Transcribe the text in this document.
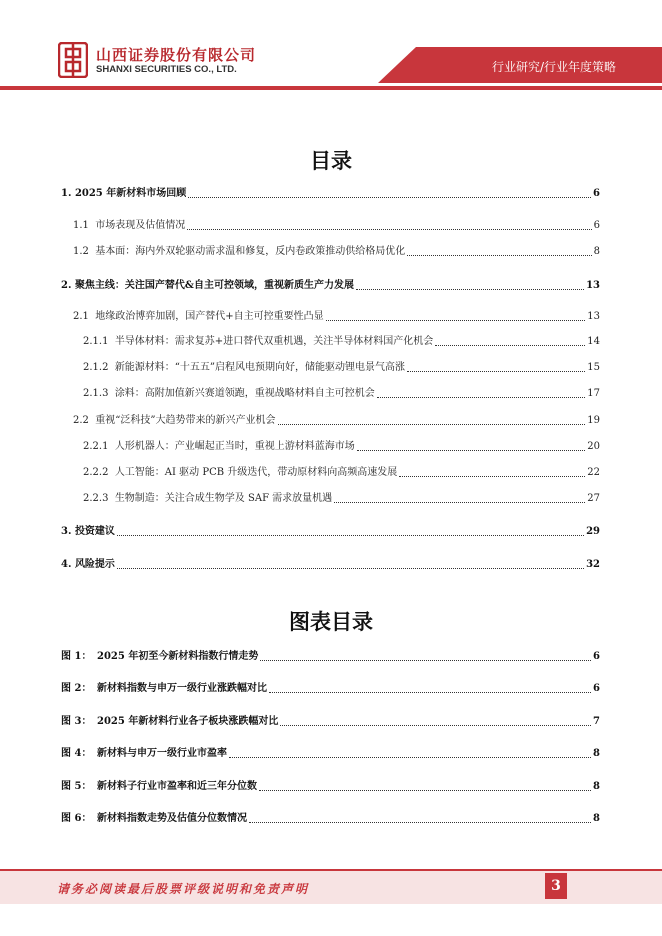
山西证券股份有限公司
SHANXI SECURITIES CO., LTD.	行业研究/行业年度策略
目录
1.
2025 年新材料市场回顾	6
1.1
市场表现及估值情况	6
1.2
基本面：海内外双轮驱动需求温和修复，反内卷政策推动供给格局优化	8
2.
聚焦主线：关注国产替代&自主可控领域，重视新质生产力发展	13
2.1
地缘政治博弈加剧，国产替代+自主可控重要性凸显	13
2.1.1
半导体材料：需求复苏+进口替代双重机遇，关注半导体材料国产化机会	14
2.1.2
新能源材料：“十五五”启程风电预期向好，储能驱动锂电景气高涨	15
2.1.3
涂料：高附加值新兴赛道领跑，重视战略材料自主可控机会	17
2.2
重视“泛科技”大趋势带来的新兴产业机会	19
2.2.1
人形机器人：产业崛起正当时，重视上游材料蓝海市场	20
2.2.2
人工智能：AI 驱动 PCB 升级迭代，带动原材料向高频高速发展	22
2.2.3
生物制造：关注合成生物学及 SAF 需求放量机遇	27
3.
投资建议	29
4.
风险提示	32
图表目录
图 1： 2025 年初至今新材料指数行情走势	6
图 2： 新材料指数与申万一级行业涨跌幅对比	6
图 3： 2025 年新材料行业各子板块涨跌幅对比	7
图 4： 新材料与申万一级行业市盈率	8
图 5： 新材料子行业市盈率和近三年分位数	8
图 6： 新材料指数走势及估值分位数情况	8
请务必阅读最后股票评级说明和免责声明	3
